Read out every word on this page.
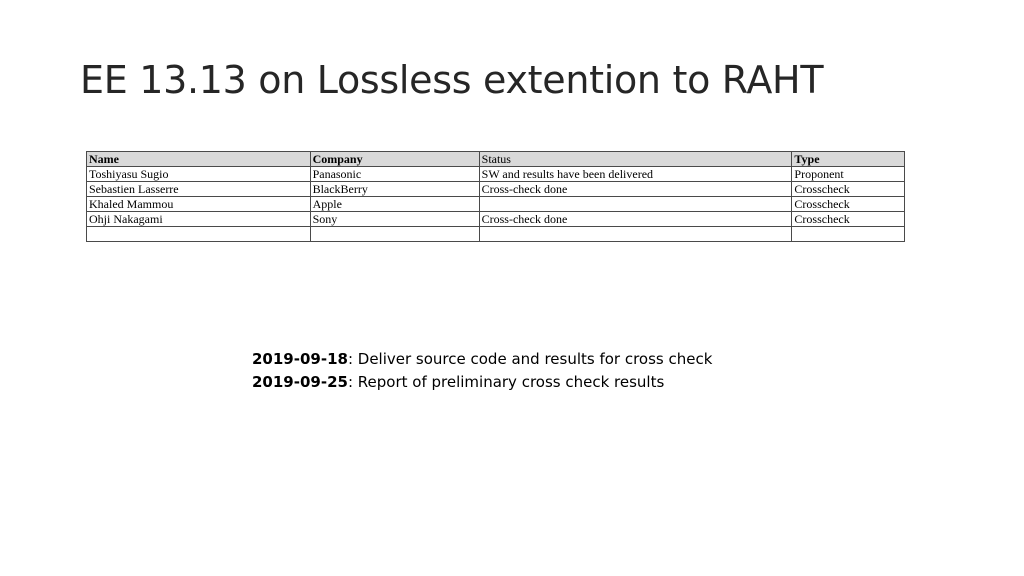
EE 13.13 on Lossless extention to RAHT
Name	Company	Status	Type
Toshiyasu Sugio	Panasonic	SW and results have been delivered	Proponent
Sebastien Lasserre	BlackBerry	Cross-check done	Crosscheck
Khaled Mammou	Apple		Crosscheck
Ohji Nakagami	Sony	Cross-check done	Crosscheck

2019-09-18: Deliver source code and results for cross check
2019-09-25: Report of preliminary cross check results
